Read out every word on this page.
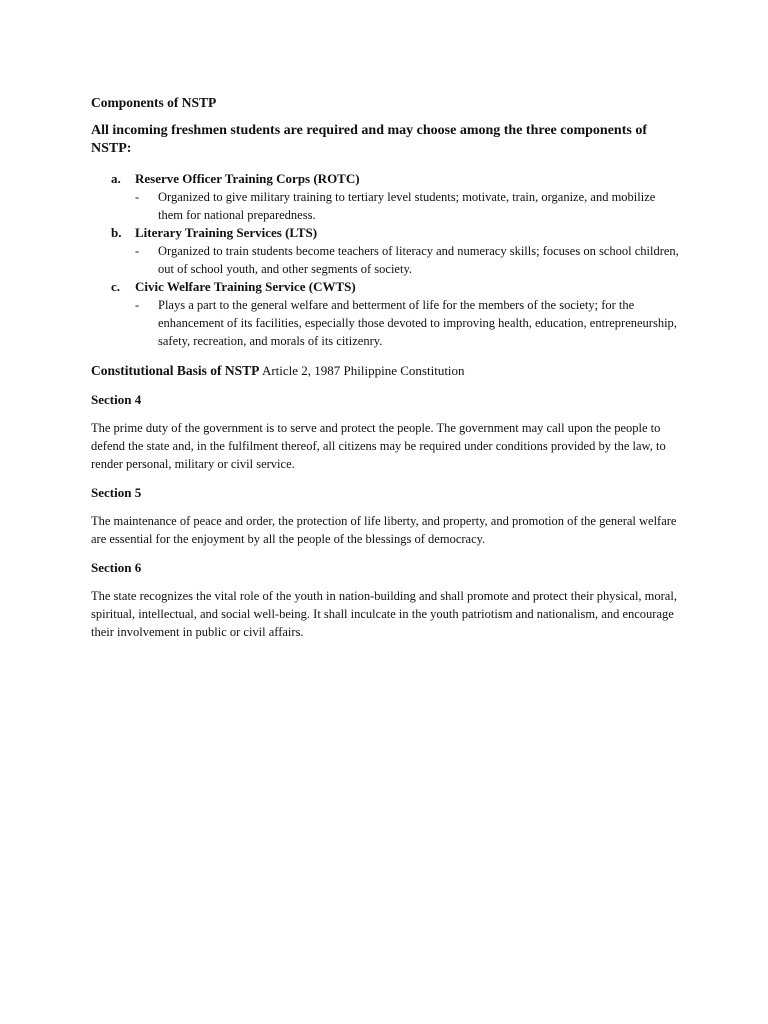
Components of NSTP
All incoming freshmen students are required and may choose among the three components of NSTP:
a. Reserve Officer Training Corps (ROTC)
- Organized to give military training to tertiary level students; motivate, train, organize, and mobilize them for national preparedness.
b. Literary Training Services (LTS)
- Organized to train students become teachers of literacy and numeracy skills; focuses on school children, out of school youth, and other segments of society.
c. Civic Welfare Training Service (CWTS)
- Plays a part to the general welfare and betterment of life for the members of the society; for the enhancement of its facilities, especially those devoted to improving health, education, entrepreneurship, safety, recreation, and morals of its citizenry.
Constitutional Basis of NSTP Article 2, 1987 Philippine Constitution
Section 4

The prime duty of the government is to serve and protect the people. The government may call upon the people to defend the state and, in the fulfilment thereof, all citizens may be required under conditions provided by the law, to render personal, military or civil service.

Section 5

The maintenance of peace and order, the protection of life liberty, and property, and promotion of the general welfare are essential for the enjoyment by all the people of the blessings of democracy.

Section 6

The state recognizes the vital role of the youth in nation-building and shall promote and protect their physical, moral, spiritual, intellectual, and social well-being. It shall inculcate in the youth patriotism and nationalism, and encourage their involvement in public or civil affairs.
